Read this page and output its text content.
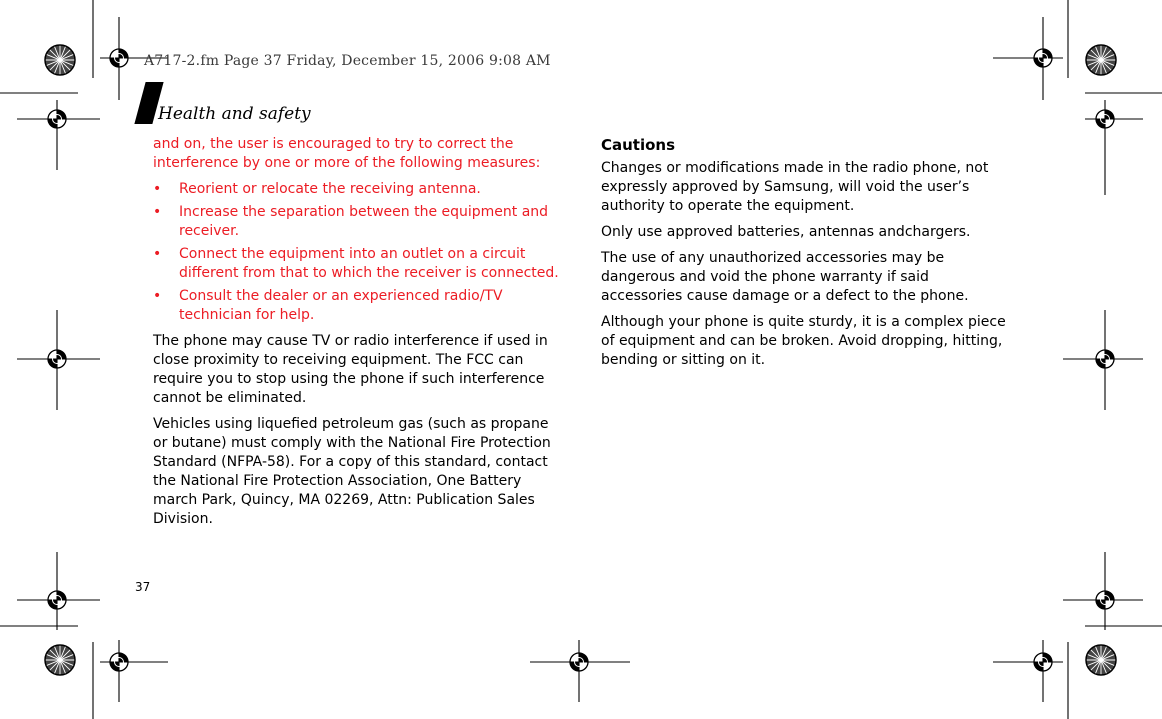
A717-2.fm Page 37 Friday, December 15, 2006 9:08 AM
Health and safety

and on, the user is encouraged to try to correct the interference by one or more of the following measures:

• Reorient or relocate the receiving antenna.
• Increase the separation between the equipment and receiver.
• Connect the equipment into an outlet on a circuit different from that to which the receiver is connected.
• Consult the dealer or an experienced radio/TV technician for help.

The phone may cause TV or radio interference if used in close proximity to receiving equipment. The FCC can require you to stop using the phone if such interference cannot be eliminated.

Vehicles using liquefied petroleum gas (such as propane or butane) must comply with the National Fire Protection Standard (NFPA-58). For a copy of this standard, contact the National Fire Protection Association, One Battery march Park, Quincy, MA 02269, Attn: Publication Sales Division.

Cautions

Changes or modifications made in the radio phone, not expressly approved by Samsung, will void the user’s authority to operate the equipment.

Only use approved batteries, antennas andchargers.

The use of any unauthorized accessories may be dangerous and void the phone warranty if said accessories cause damage or a defect to the phone.

Although your phone is quite sturdy, it is a complex piece of equipment and can be broken. Avoid dropping, hitting, bending or sitting on it.

37
